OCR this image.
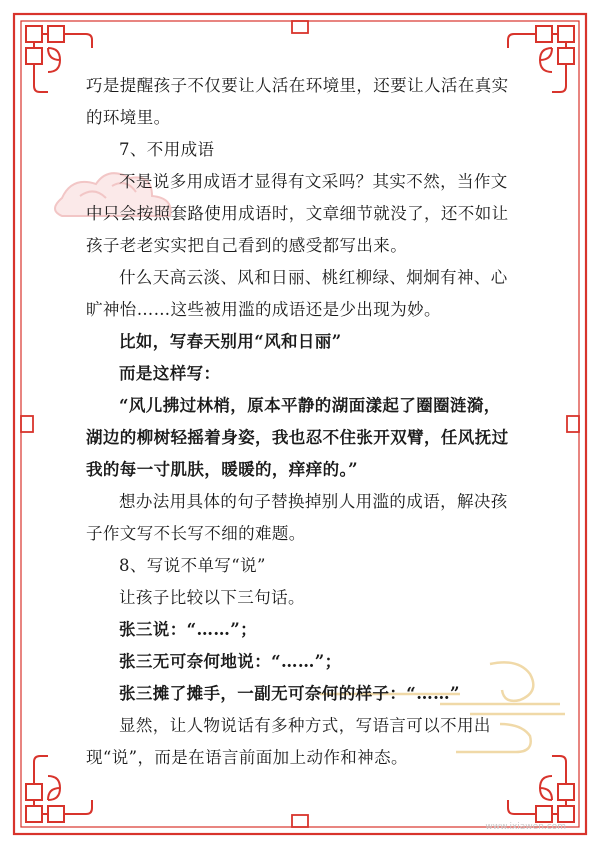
巧是提醒孩子不仅要让人活在环境里，还要让人活在真实的环境里。

7、不用成语

不是说多用成语才显得有文采吗？其实不然，当作文中只会按照套路使用成语时，文章细节就没了，还不如让孩子老老实实把自己看到的感受都写出来。

什么天高云淡、风和日丽、桃红柳绿、炯炯有神、心旷神怡……这些被用滥的成语还是少出现为妙。

比如，写春天别用“风和日丽”

而是这样写：

“风儿拂过林梢，原本平静的湖面漾起了圈圈涟漪，湖边的柳树轻摇着身姿，我也忍不住张开双臂，任风抚过我的每一寸肌肤，暖暖的，痒痒的。”

想办法用具体的句子替换掉别人用滥的成语，解决孩子作文写不长写不细的难题。

8、写说不单写“说”

让孩子比较以下三句话。

张三说：“……”；

张三无可奈何地说：“……”；

张三摊了摊手，一副无可奈何的样子：“……”

显然，让人物说话有多种方式，写语言可以不用出现“说”，而是在语言前面加上动作和神态。

www.ixiawen.com
